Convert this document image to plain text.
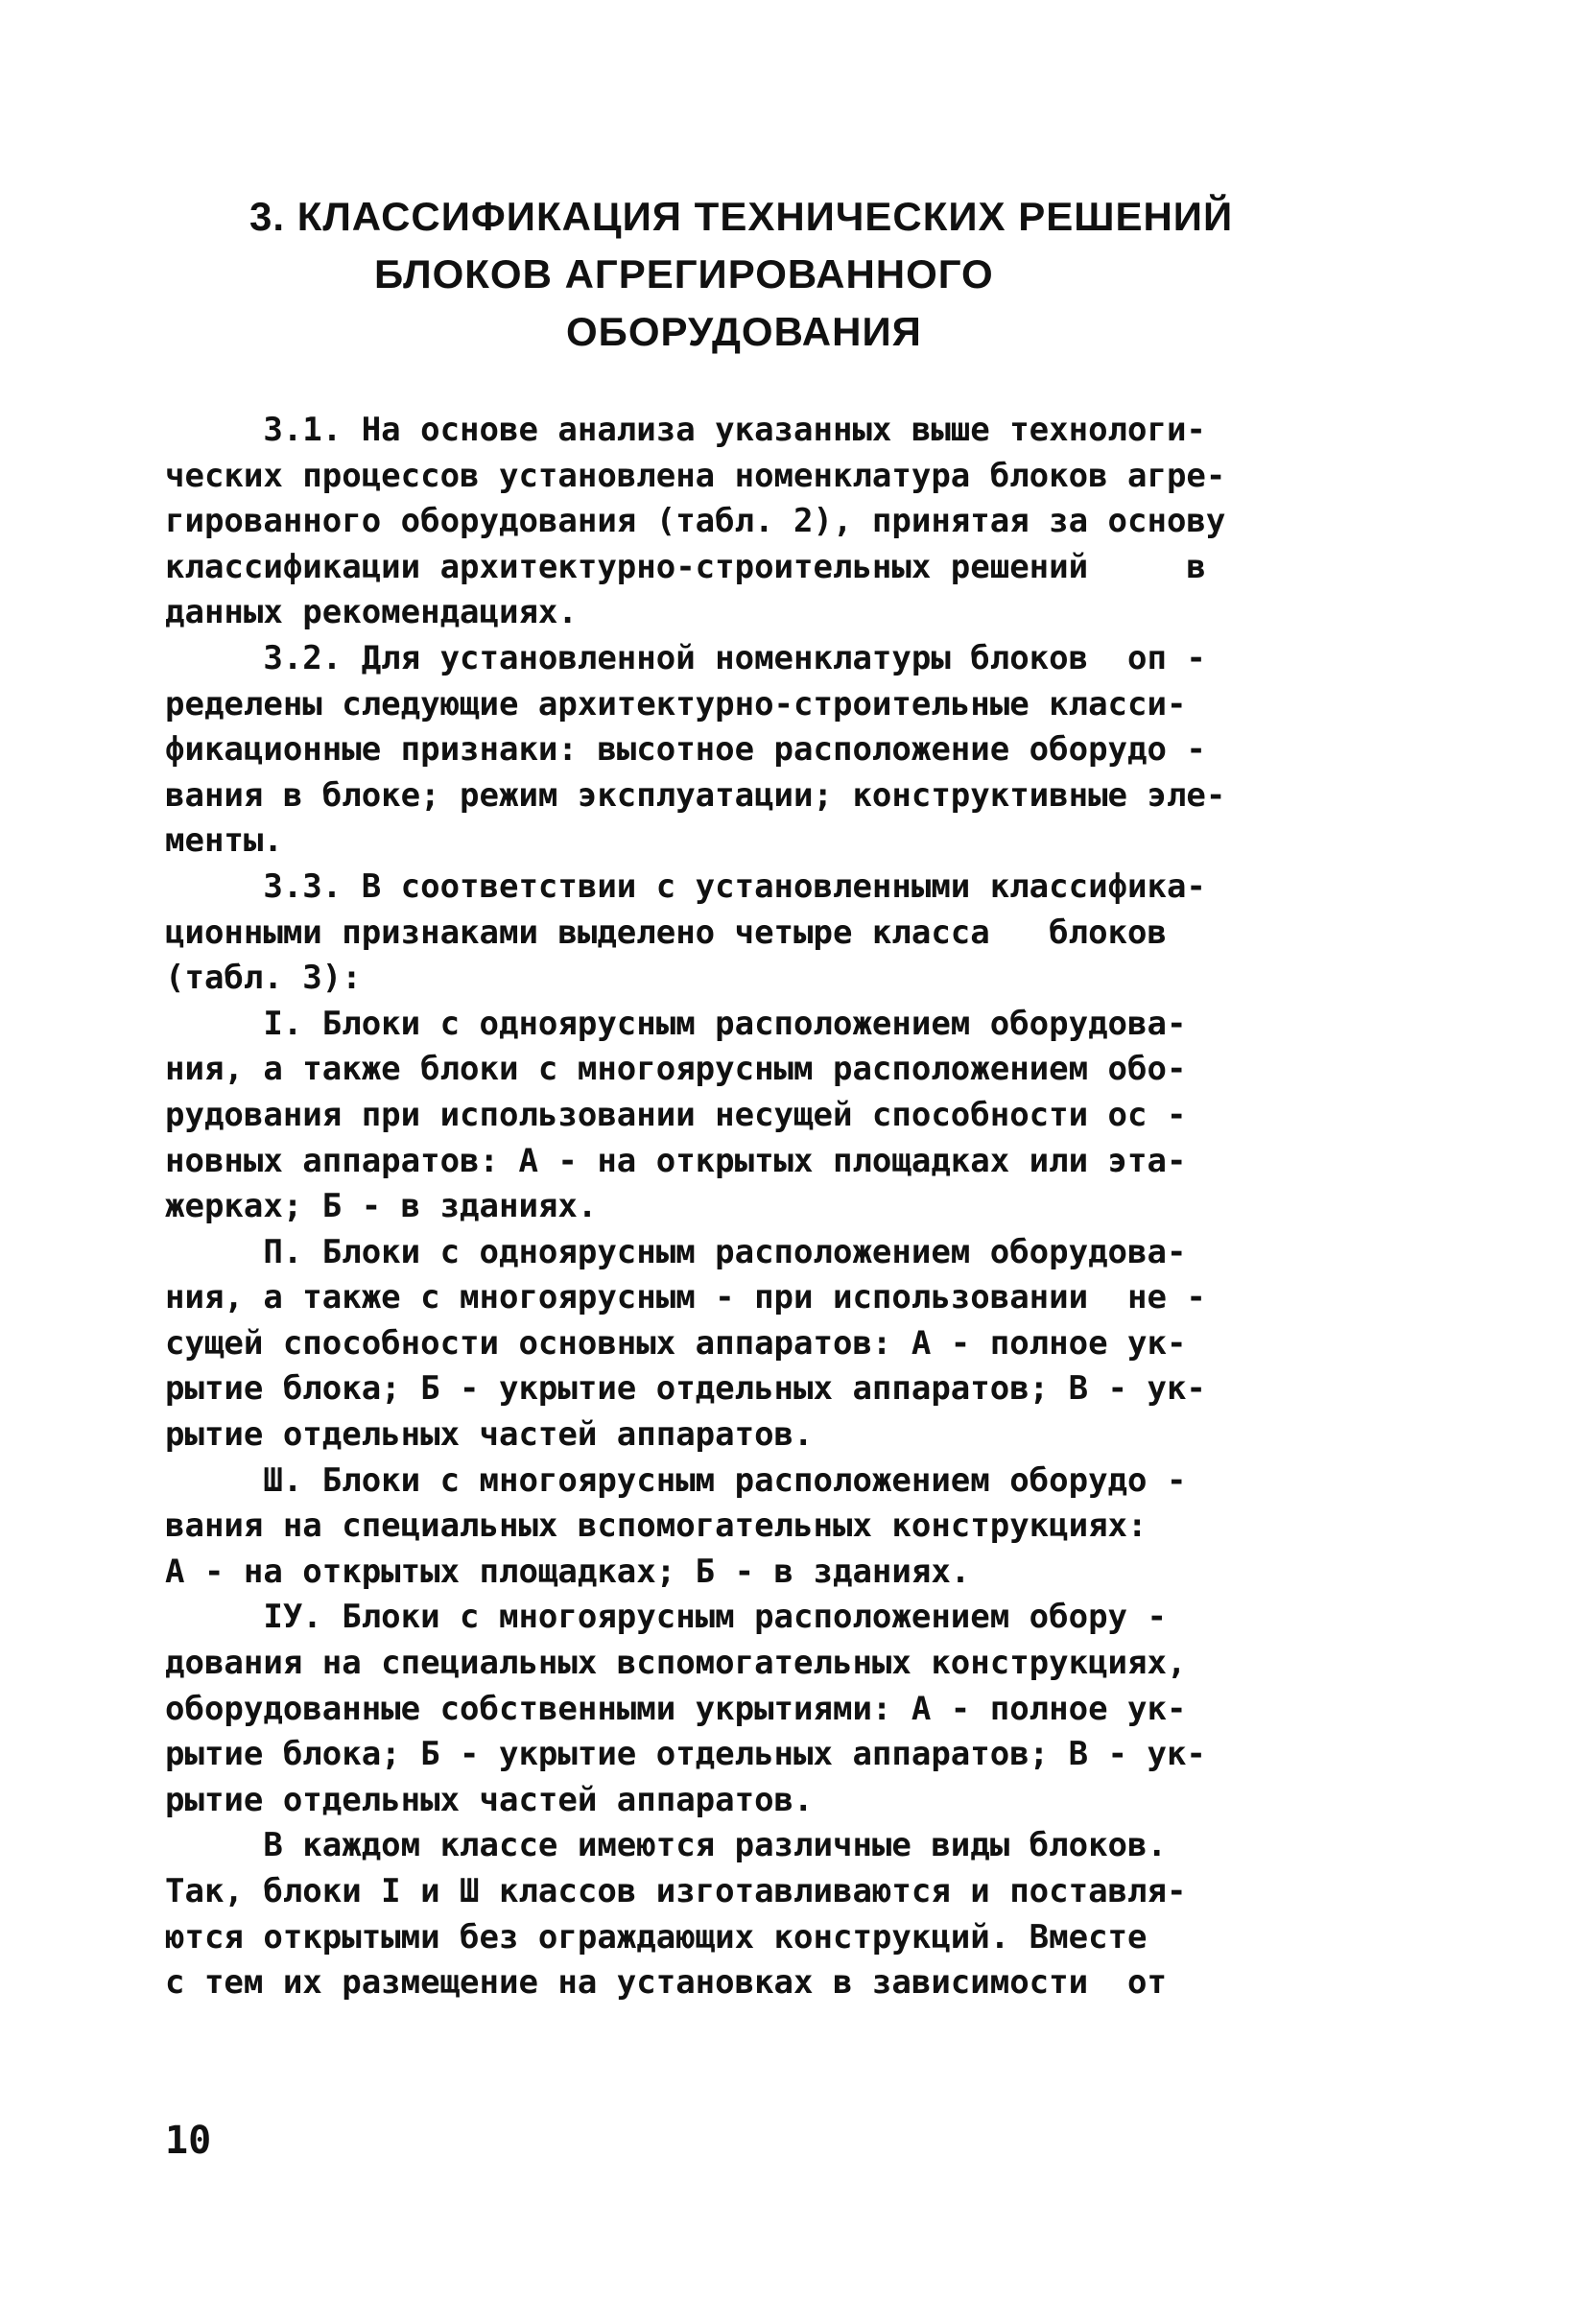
3. КЛАССИФИКАЦИЯ ТЕХНИЧЕСКИХ РЕШЕНИЙ
БЛОКОВ АГРЕГИРОВАННОГО
ОБОРУДОВАНИЯ
3.1. На основе анализа указанных выше технологи-
ческих процессов установлена номенклатура блоков агре-
гированного оборудования (табл. 2), принятая за основу
классификации архитектурно-строительных решений     в
данных рекомендациях.
3.2. Для установленной номенклатуры блоков  оп -
ределены следующие архитектурно-строительные класси-
фикационные признаки: высотное расположение оборудо -
вания в блоке; режим эксплуатации; конструктивные эле-
менты.
3.3. В соответствии с установленными классифика-
ционными признаками выделено четыре класса   блоков
(табл. 3):
I. Блоки с одноярусным расположением оборудова-
ния, а также блоки с многоярусным расположением обо-
рудования при использовании несущей способности ос -
новных аппаратов: А - на открытых площадках или эта-
жерках; Б - в зданиях.
П. Блоки с одноярусным расположением оборудова-
ния, а также с многоярусным - при использовании  не -
сущей способности основных аппаратов: А - полное ук-
рытие блока; Б - укрытие отдельных аппаратов; В - ук-
рытие отдельных частей аппаратов.
Ш. Блоки с многоярусным расположением оборудо -
вания на специальных вспомогательных конструкциях:
А - на открытых площадках; Б - в зданиях.
IУ. Блоки с многоярусным расположением обору -
дования на специальных вспомогательных конструкциях,
оборудованные собственными укрытиями: А - полное ук-
рытие блока; Б - укрытие отдельных аппаратов; В - ук-
рытие отдельных частей аппаратов.
В каждом классе имеются различные виды блоков.
Так, блоки I и Ш классов изготавливаются и поставля-
ются открытыми без ограждающих конструкций. Вместе
с тем их размещение на установках в зависимости  от
10
